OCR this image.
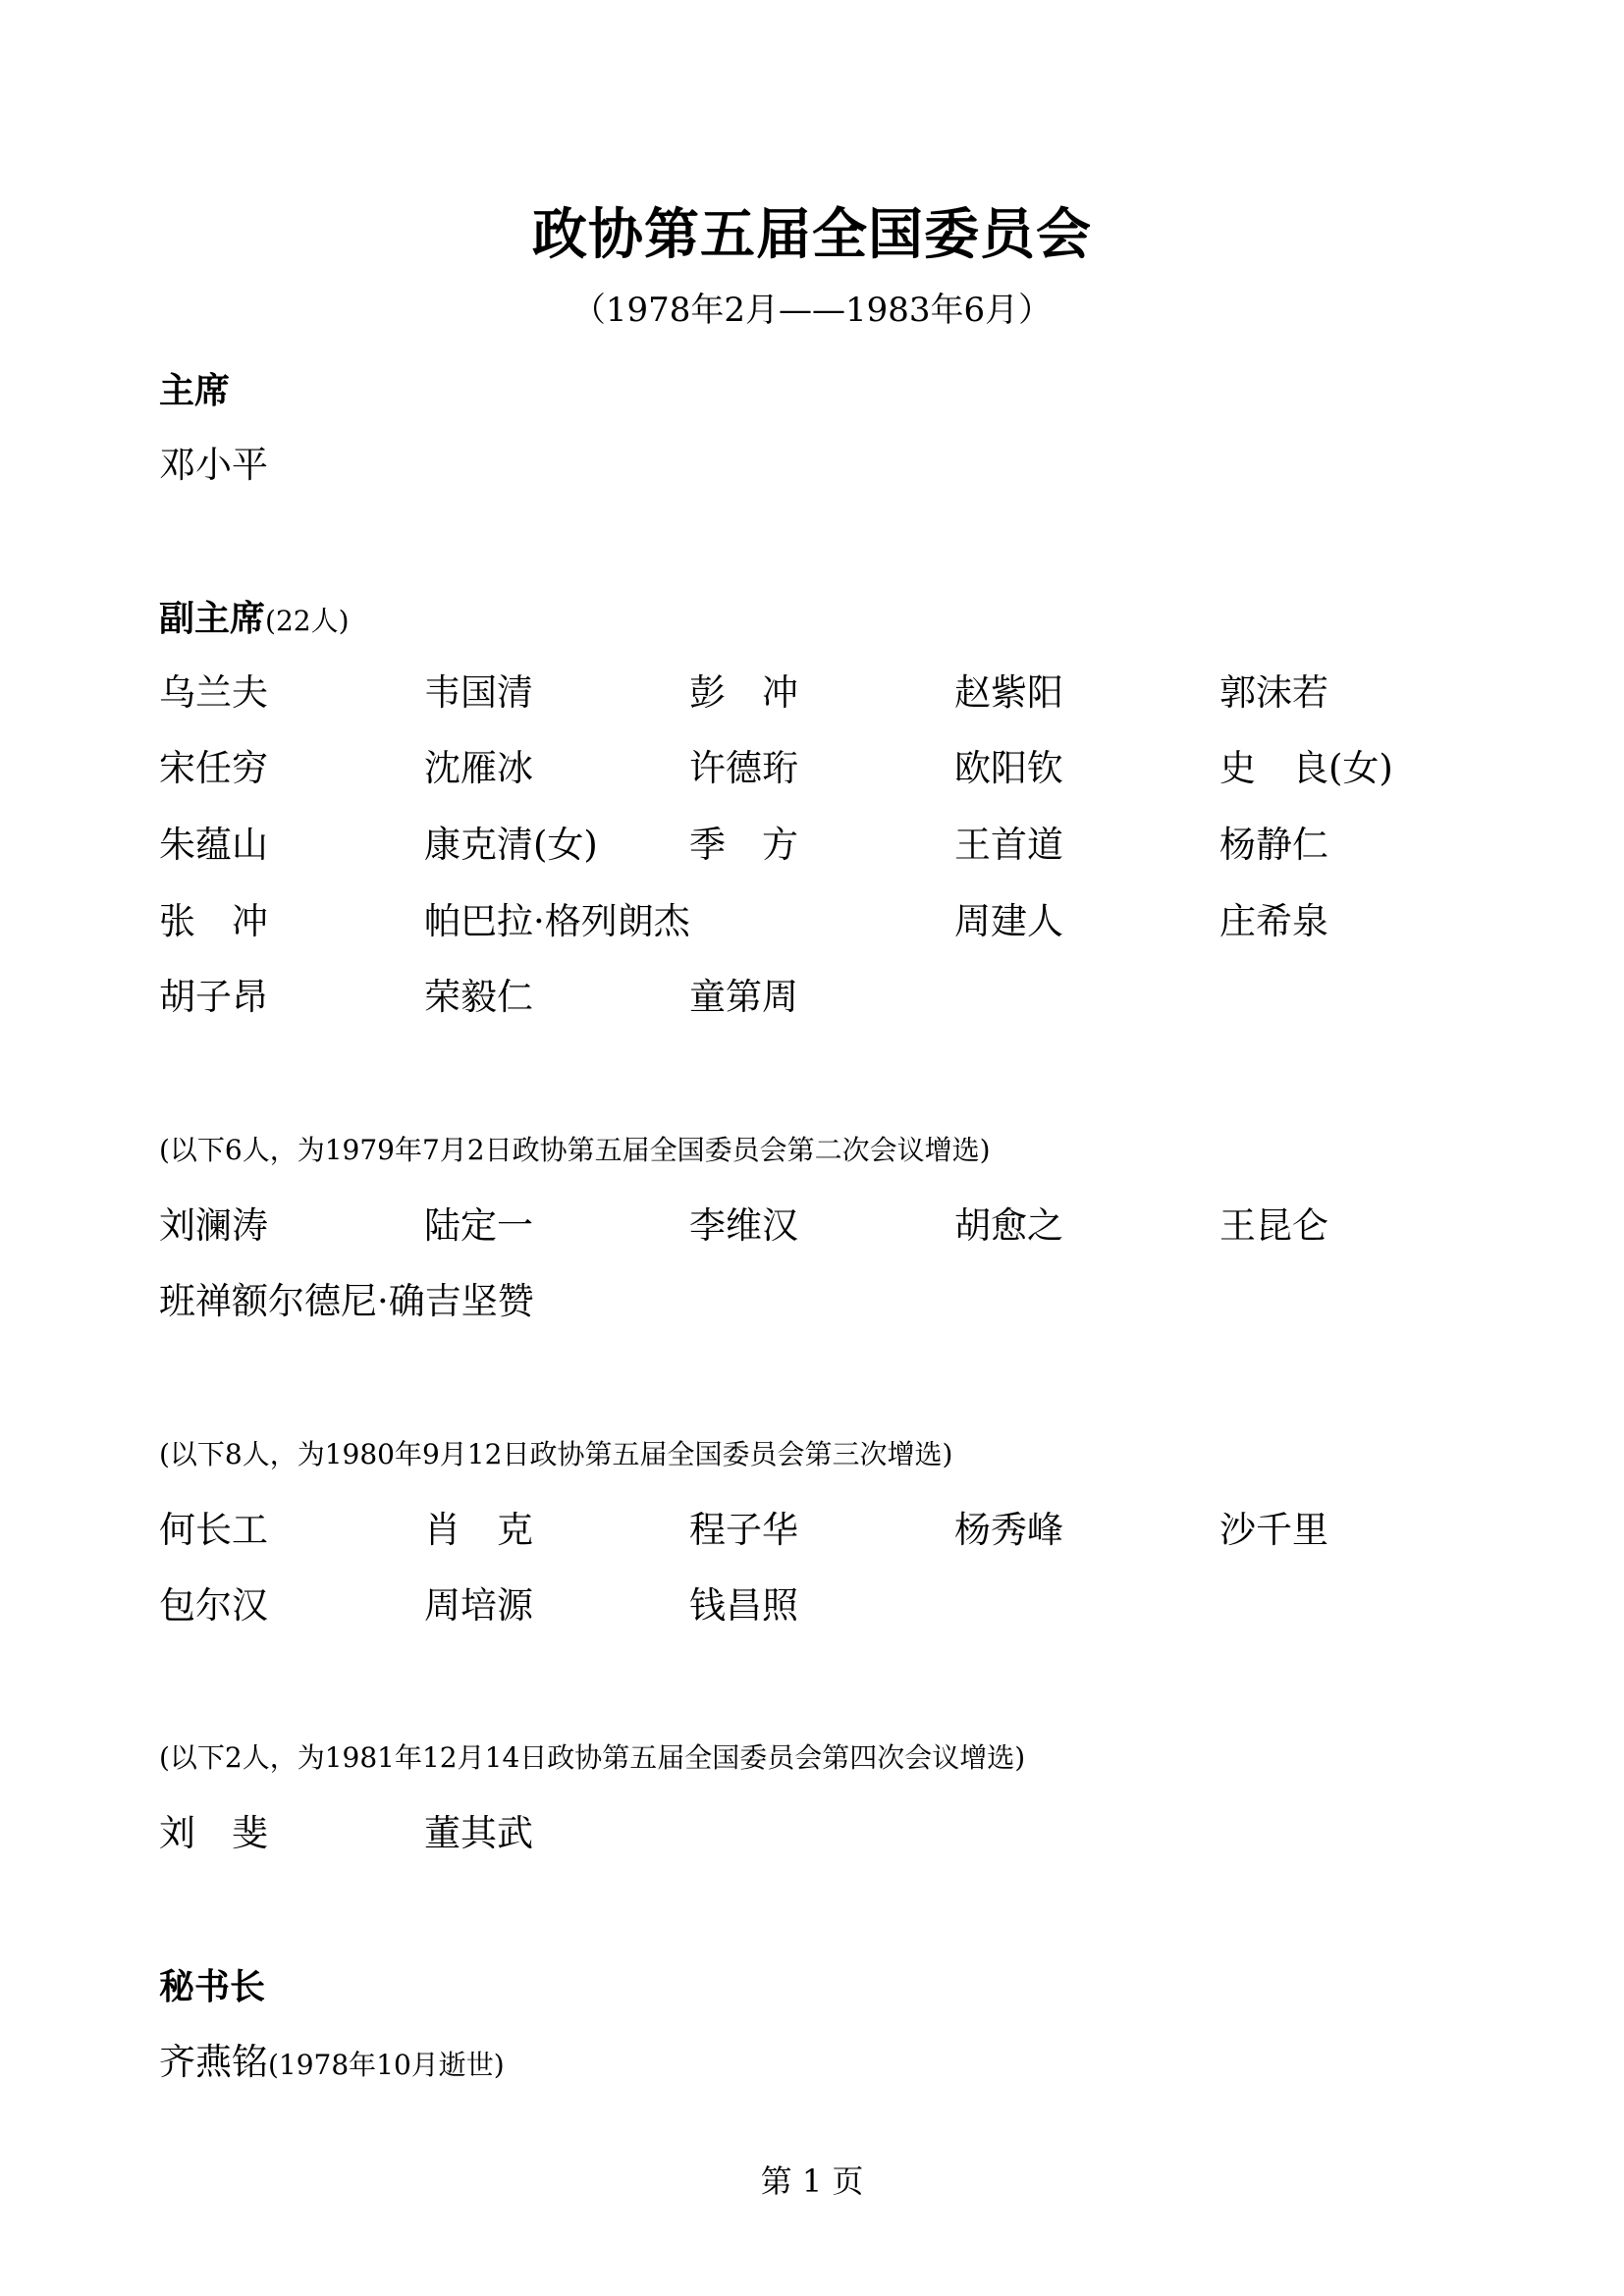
政协第五届全国委员会
（1978年2月——1983年6月）
主席
邓小平
副主席(22人)
乌兰夫	韦国清	彭　冲	赵紫阳	郭沫若
宋任穷	沈雁冰	许德珩	欧阳钦	史　良(女)
朱蕴山	康克清(女)	季　方	王首道	杨静仁
张　冲	帕巴拉·格列朗杰	周建人	庄希泉
胡子昂	荣毅仁	童第周
(以下6人，为1979年7月2日政协第五届全国委员会第二次会议增选)
刘澜涛	陆定一	李维汉	胡愈之	王昆仑
班禅额尔德尼·确吉坚赞
(以下8人，为1980年9月12日政协第五届全国委员会第三次增选)
何长工	肖　克	程子华	杨秀峰	沙千里
包尔汉	周培源	钱昌照
(以下2人，为1981年12月14日政协第五届全国委员会第四次会议增选)
刘　斐	董其武
秘书长
齐燕铭(1978年10月逝世)
第 1 页
